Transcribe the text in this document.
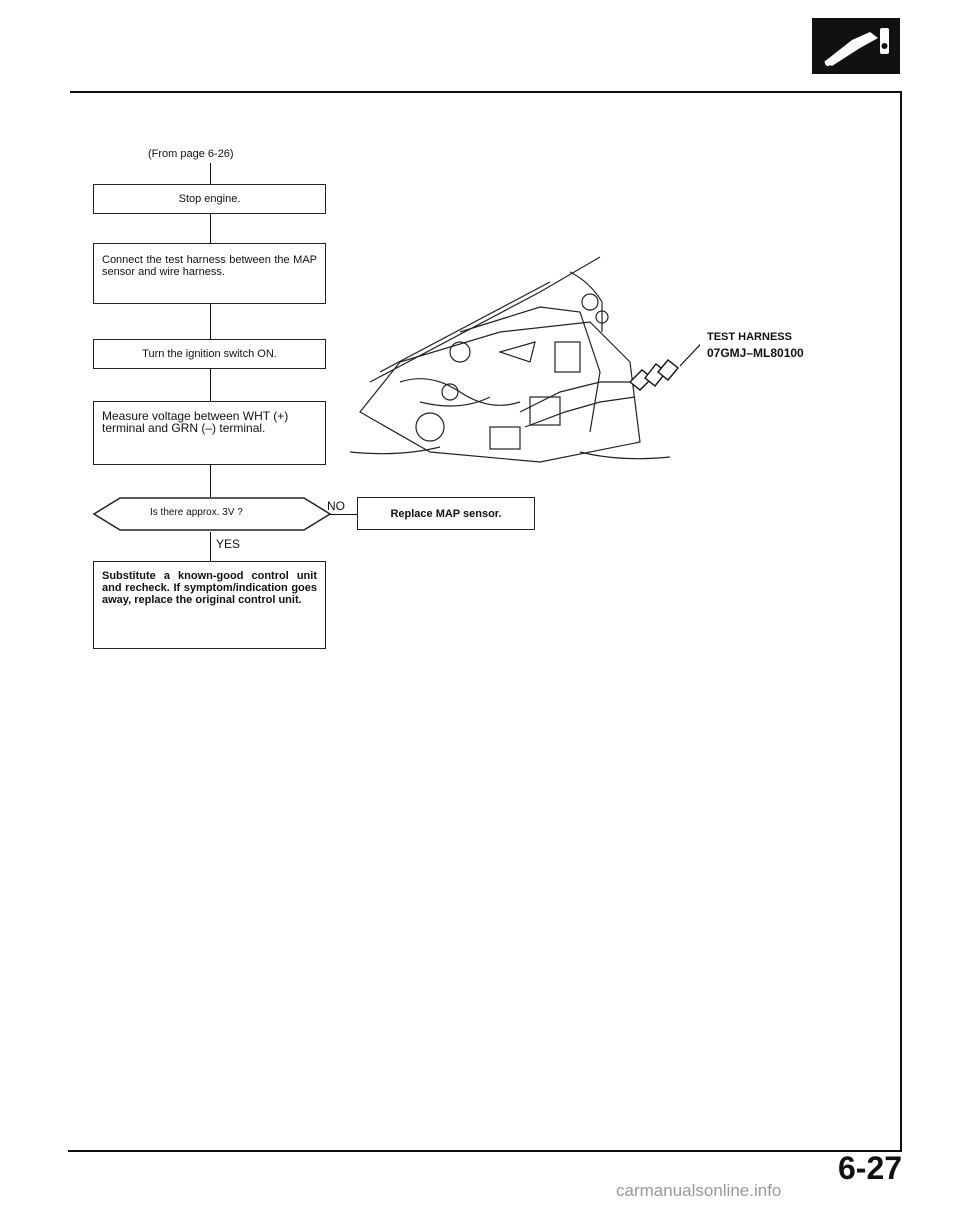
(From page 6-26)
Stop engine.
Connect the test harness between the MAP sensor and wire harness.
Turn the ignition switch ON.
Measure voltage between WHT (+) terminal and GRN (–) terminal.
Is there approx. 3V ?	NO
Replace MAP sensor.
YES
Substitute a known-good control unit and recheck. If symptom/indication goes away, replace the original control unit.
TEST HARNESS
07GMJ–ML80100
6-27
carmanualsonline.info
